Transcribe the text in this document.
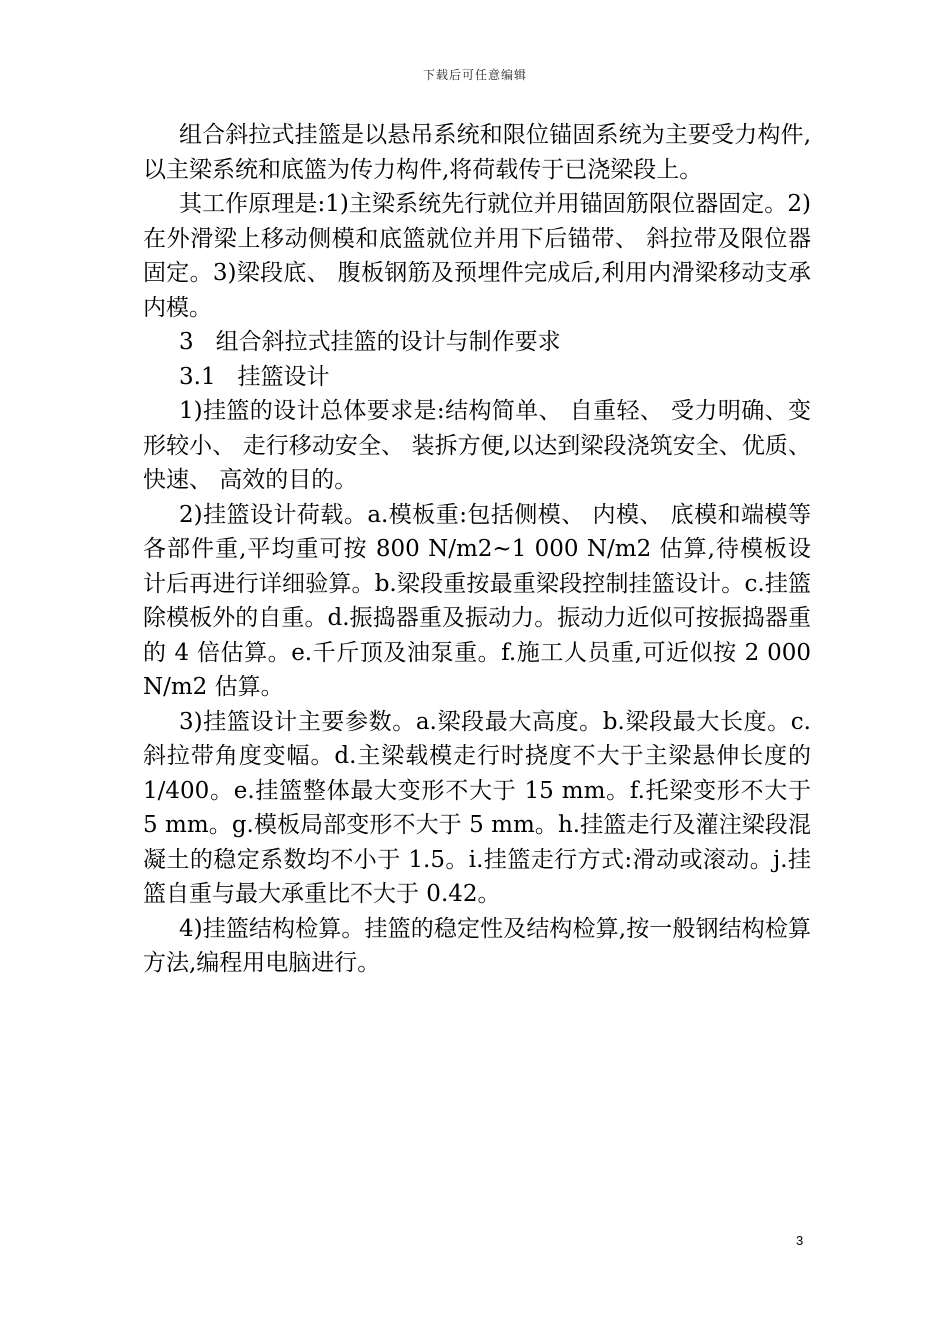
下载后可任意编辑

组合斜拉式挂篮是以悬吊系统和限位锚固系统为主要受力构件,以主梁系统和底篮为传力构件,将荷载传于已浇梁段上。

其工作原理是:1)主梁系统先行就位并用锚固筋限位器固定。2)在外滑梁上移动侧模和底篮就位并用下后锚带、 斜拉带及限位器固定。3)梁段底、 腹板钢筋及预埋件完成后,利用内滑梁移动支承内模。

3   组合斜拉式挂篮的设计与制作要求

3.1   挂篮设计

1)挂篮的设计总体要求是:结构简单、 自重轻、 受力明确、变形较小、 走行移动安全、 装拆方便,以达到梁段浇筑安全、优质、 快速、 高效的目的。

2)挂篮设计荷载。a.模板重:包括侧模、 内模、 底模和端模等各部件重,平均重可按 800 N/m2~1 000 N/m2 估算,待模板设计后再进行详细验算。b.梁段重按最重梁段控制挂篮设计。c.挂篮除模板外的自重。d.振捣器重及振动力。振动力近似可按振捣器重的 4 倍估算。e.千斤顶及油泵重。f.施工人员重,可近似按 2 000 N/m2 估算。

3)挂篮设计主要参数。a.梁段最大高度。b.梁段最大长度。c.斜拉带角度变幅。d.主梁载模走行时挠度不大于主梁悬伸长度的 1/400。e.挂篮整体最大变形不大于 15 mm。f.托梁变形不大于 5 mm。g.模板局部变形不大于 5 mm。h.挂篮走行及灌注梁段混凝土的稳定系数均不小于 1.5。i.挂篮走行方式:滑动或滚动。j.挂篮自重与最大承重比不大于 0.42。

4)挂篮结构检算。挂篮的稳定性及结构检算,按一般钢结构检算方法,编程用电脑进行。

3
